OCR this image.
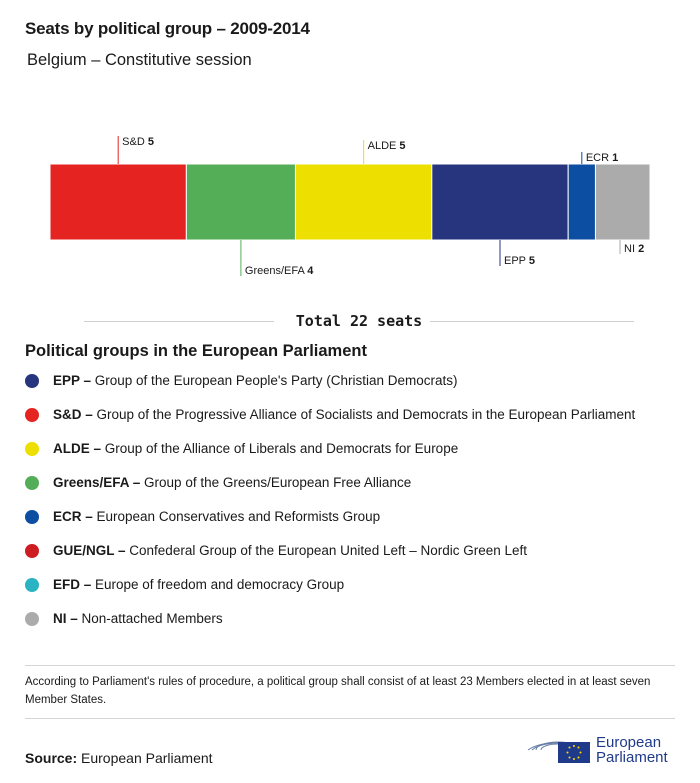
Seats by political group – 2009-2014
Belgium – Constitutive session
S&D 5
Greens/EFA 4
ALDE 5
EPP 5
ECR 1
NI 2
Total 22 seats
Political groups in the European Parliament
EPP – Group of the European People's Party (Christian Democrats)
S&D – Group of the Progressive Alliance of Socialists and Democrats in the European Parliament
ALDE – Group of the Alliance of Liberals and Democrats for Europe
Greens/EFA – Group of the Greens/European Free Alliance
ECR – European Conservatives and Reformists Group
GUE/NGL – Confederal Group of the European United Left – Nordic Green Left
EFD – Europe of freedom and democracy Group
NI – Non-attached Members
According to Parliament's rules of procedure, a political group shall consist of at least 23 Members elected in at least seven Member States.
Source: European Parliament
European
Parliament
